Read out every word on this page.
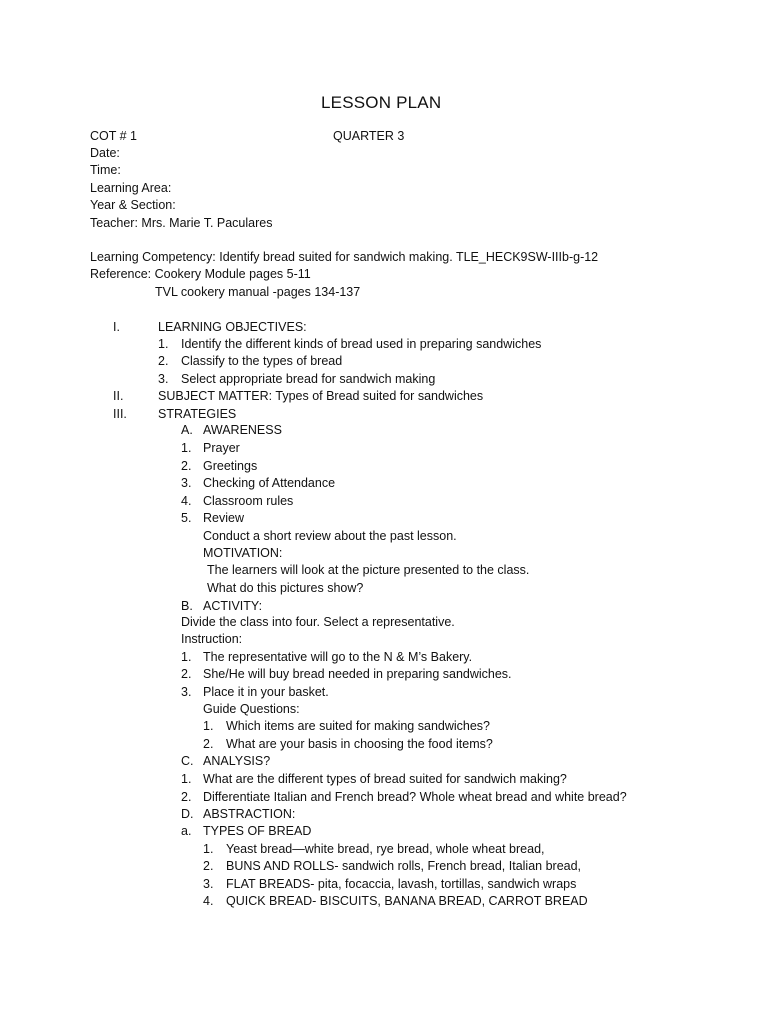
LESSON PLAN
COT # 1	QUARTER 3
Date:
Time:
Learning Area:
Year & Section:
Teacher: Mrs. Marie T. Paculares
Learning Competency: Identify bread suited for sandwich making. TLE_HECK9SW-IIIb-g-12
Reference: Cookery Module pages 5-11
TVL cookery manual -pages 134-137
I.	LEARNING OBJECTIVES:
1. Identify the different kinds of bread used in preparing sandwiches
2. Classify to the types of bread
3. Select appropriate bread for sandwich making
II.	SUBJECT MATTER: Types of Bread suited for sandwiches
III. STRATEGIES
A. AWARENESS
1. Prayer
2. Greetings
3. Checking of Attendance
4. Classroom rules
5. Review
Conduct a short review about the past lesson.
MOTIVATION:
The learners will look at the picture presented to the class.
What do this pictures show?
B. ACTIVITY:
Divide the class into four. Select a representative.
Instruction:
1. The representative will go to the N & M’s Bakery.
2. She/He will buy bread needed in preparing sandwiches.
3. Place it in your basket.
Guide Questions:
1. Which items are suited for making sandwiches?
2. What are your basis in choosing the food items?
C. ANALYSIS?
1. What are the different types of bread suited for sandwich making?
2. Differentiate Italian and French bread? Whole wheat bread and white bread?
D. ABSTRACTION:
a. TYPES OF BREAD
1. Yeast bread—white bread, rye bread, whole wheat bread,
2. BUNS AND ROLLS- sandwich rolls, French bread, Italian bread,
3. FLAT BREADS- pita, focaccia, lavash, tortillas, sandwich wraps
4. QUICK BREAD- BISCUITS, BANANA BREAD, CARROT BREAD
